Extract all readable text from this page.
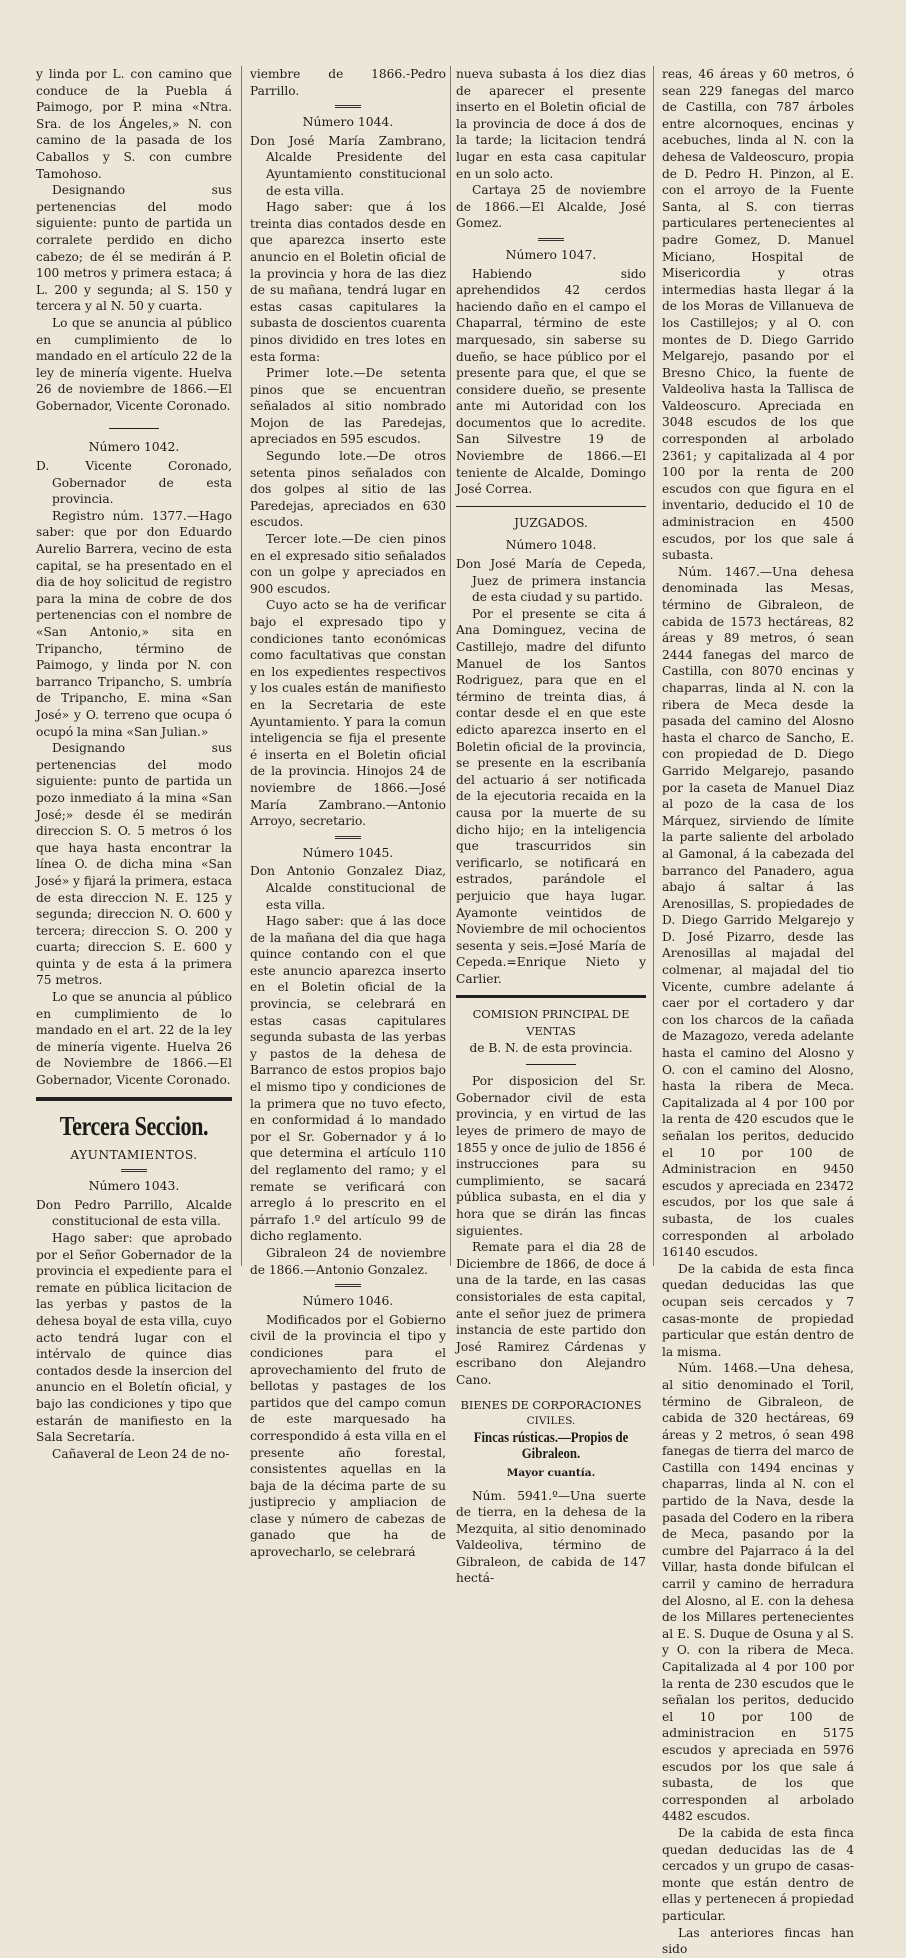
y linda por L. con camino que conduce de la Puebla á Paimogo, por P. mina «Ntra. Sra. de los Ángeles,» N. con camino de la pasada de los Caballos y S. con cumbre Tamohoso.

Designando sus pertenencias del modo siguiente: punto de partida un corralete perdido en dicho cabezo; de él se medirán á P. 100 metros y primera estaca; á L. 200 y segunda; al S. 150 y tercera y al N. 50 y cuarta.

Lo que se anuncia al público en cumplimiento de lo mandado en el artículo 22 de la ley de minería vigente. Huelva 26 de noviembre de 1866.—El Gobernador, Vicente Coronado.

Número 1042.

D. Vicente Coronado, Gobernador de esta provincia.

Registro núm. 1377.—Hago saber: que por don Eduardo Aurelio Barrera, vecino de esta capital, se ha presentado en el dia de hoy solicitud de registro para la mina de cobre de dos pertenencias con el nombre de «San Antonio,» sita en Tripancho, término de Paimogo, y linda por N. con barranco Tripancho, S. umbría de Tripancho, E. mina «San José» y O. terreno que ocupa ó ocupó la mina «San Julian.»

Designando sus pertenencias del modo siguiente: punto de partida un pozo inmediato á la mina «San José;» desde él se medirán direccion S. O. 5 metros ó los que haya hasta encontrar la línea O. de dicha mina «San José» y fijará la primera, estaca de esta direccion N. E. 125 y segunda; direccion N. O. 600 y tercera; direccion S. O. 200 y cuarta; direccion S. E. 600 y quinta y de esta á la primera 75 metros.

Lo que se anuncia al público en cumplimiento de lo mandado en el art. 22 de la ley de minería vigente. Huelva 26 de Noviembre de 1866.—El Gobernador, Vicente Coronado.

Tercera Seccion.

AYUNTAMIENTOS.

Número 1043.

Don Pedro Parrillo, Alcalde constitucional de esta villa.

Hago saber: que aprobado por el Señor Gobernador de la provincia el expediente para el remate en pública licitacion de las yerbas y pastos de la dehesa boyal de esta villa, cuyo acto tendrá lugar con el intérvalo de quince dias contados desde la insercion del anuncio en el Boletín oficial, y bajo las condiciones y tipo que estarán de manifiesto en la Sala Secretaría.

Cañaveral de Leon 24 de no-

viembre de 1866.-Pedro Parrillo.

Número 1044.

Don José María Zambrano, Alcalde Presidente del Ayuntamiento constitucional de esta villa.

Hago saber: que á los treinta dias contados desde en que aparezca inserto este anuncio en el Boletin oficial de la provincia y hora de las diez de su mañana, tendrá lugar en estas casas capitulares la subasta de doscientos cuarenta pinos dividido en tres lotes en esta forma:

Primer lote.—De setenta pinos que se encuentran señalados al sitio nombrado Mojon de las Paredejas, apreciados en 595 escudos.

Segundo lote.—De otros setenta pinos señalados con dos golpes al sitio de las Paredejas, apreciados en 630 escudos.

Tercer lote.—De cien pinos en el expresado sitio señalados con un golpe y apreciados en 900 escudos.

Cuyo acto se ha de verificar bajo el expresado tipo y condiciones tanto económicas como facultativas que constan en los expedientes respectivos y los cuales están de manifiesto en la Secretaria de este Ayuntamiento. Y para la comun inteligencia se fija el presente é inserta en el Boletin oficial de la provincia. Hinojos 24 de noviembre de 1866.—José María Zambrano.—Antonio Arroyo, secretario.

Número 1045.

Don Antonio Gonzalez Diaz, Alcalde constitucional de esta villa.

Hago saber: que á las doce de la mañana del dia que haga quince contando con el que este anuncio aparezca inserto en el Boletin oficial de la provincia, se celebrará en estas casas capitulares segunda subasta de las yerbas y pastos de la dehesa de Barranco de estos propios bajo el mismo tipo y condiciones de la primera que no tuvo efecto, en conformidad á lo mandado por el Sr. Gobernador y á lo que determina el artículo 110 del reglamento del ramo; y el remate se verificará con arreglo á lo prescrito en el párrafo 1.º del artículo 99 de dicho reglamento.

Gibraleon 24 de noviembre de 1866.—Antonio Gonzalez.

Número 1046.

Modificados por el Gobierno civil de la provincia el tipo y condiciones para el aprovechamiento del fruto de bellotas y pastages de los partidos que del campo comun de este marquesado ha correspondido á esta villa en el presente año forestal, consistentes aquellas en la baja de la décima parte de su justiprecio y ampliacion de clase y número de cabezas de ganado que ha de aprovecharlo, se celebrará

nueva subasta á los diez dias de aparecer el presente inserto en el Boletin oficial de la provincia de doce á dos de la tarde; la licitacion tendrá lugar en esta casa capitular en un solo acto.

Cartaya 25 de noviembre de 1866.—El Alcalde, José Gomez.

Número 1047.

Habiendo sido aprehendidos 42 cerdos haciendo daño en el campo el Chaparral, término de este marquesado, sin saberse su dueño, se hace público por el presente para que, el que se considere dueño, se presente ante mi Autoridad con los documentos que lo acredite. San Silvestre 19 de Noviembre de 1866.—El teniente de Alcalde, Domingo José Correa.

JUZGADOS.

Número 1048.

Don José María de Cepeda, Juez de primera instancia de esta ciudad y su partido.

Por el presente se cita á Ana Dominguez, vecina de Castillejo, madre del difunto Manuel de los Santos Rodriguez, para que en el término de treinta dias, á contar desde el en que este edicto aparezca inserto en el Boletin oficial de la provincia, se presente en la escribanía del actuario á ser notificada de la ejecutoria recaida en la causa por la muerte de su dicho hijo; en la inteligencia que trascurridos sin verificarlo, se notificará en estrados, parándole el perjuicio que haya lugar. Ayamonte veintidos de Noviembre de mil ochocientos sesenta y seis.=José María de Cepeda.=Enrique Nieto y Carlier.

COMISION PRINCIPAL DE VENTAS

de B. N. de esta provincia.

Por disposicion del Sr. Gobernador civil de esta provincia, y en virtud de las leyes de primero de mayo de 1855 y once de julio de 1856 é instrucciones para su cumplimiento, se sacará pública subasta, en el dia y hora que se dirán las fincas siguientes.

Remate para el dia 28 de Diciembre de 1866, de doce á una de la tarde, en las casas consistoriales de esta capital, ante el señor juez de primera instancia de este partido don José Ramirez Cárdenas y escribano don Alejandro Cano.

BIENES DE CORPORACIONES

CIVILES.

Fincas rústicas.—Propios de Gibraleon.

Mayor cuantía.

Núm. 5941.º—Una suerte de tierra, en la dehesa de la Mezquita, al sitio denominado Valdeoliva, término de Gibraleon, de cabida de 147 hectá-

reas, 46 áreas y 60 metros, ó sean 229 fanegas del marco de Castilla, con 787 árboles entre alcornoques, encinas y acebuches, linda al N. con la dehesa de Valdeoscuro, propia de D. Pedro H. Pinzon, al E. con el arroyo de la Fuente Santa, al S. con tierras particulares pertenecientes al padre Gomez, D. Manuel Miciano, Hospital de Misericordia y otras intermedias hasta llegar á la de los Moras de Villanueva de los Castillejos; y al O. con montes de D. Diego Garrido Melgarejo, pasando por el Bresno Chico, la fuente de Valdeoliva hasta la Tallisca de Valdeoscuro. Apreciada en 3048 escudos de los que corresponden al arbolado 2361; y capitalizada al 4 por 100 por la renta de 200 escudos con que figura en el inventario, deducido el 10 de administracion en 4500 escudos, por los que sale á subasta.

Núm. 1467.—Una dehesa denominada las Mesas, término de Gibraleon, de cabida de 1573 hectáreas, 82 áreas y 89 metros, ó sean 2444 fanegas del marco de Castilla, con 8070 encinas y chaparras, linda al N. con la ribera de Meca desde la pasada del camino del Alosno hasta el charco de Sancho, E. con propiedad de D. Diego Garrido Melgarejo, pasando por la caseta de Manuel Diaz al pozo de la casa de los Márquez, sirviendo de límite la parte saliente del arbolado al Gamonal, á la cabezada del barranco del Panadero, agua abajo á saltar á las Arenosillas, S. propiedades de D. Diego Garrido Melgarejo y D. José Pizarro, desde las Arenosillas al majadal del colmenar, al majadal del tio Vicente, cumbre adelante á caer por el cortadero y dar con los charcos de la cañada de Mazagozo, vereda adelante hasta el camino del Alosno y O. con el camino del Alosno, hasta la ribera de Meca. Capitalizada al 4 por 100 por la renta de 420 escudos que le señalan los peritos, deducido el 10 por 100 de Administracion en 9450 escudos y apreciada en 23472 escudos, por los que sale á subasta, de los cuales corresponden al arbolado 16140 escudos.

De la cabida de esta finca quedan deducidas las que ocupan seis cercados y 7 casas-monte de propiedad particular que están dentro de la misma.

Núm. 1468.—Una dehesa, al sitio denominado el Toril, término de Gibraleon, de cabida de 320 hectáreas, 69 áreas y 2 metros, ó sean 498 fanegas de tierra del marco de Castilla con 1494 encinas y chaparras, linda al N. con el partido de la Nava, desde la pasada del Codero en la ribera de Meca, pasando por la cumbre del Pajarraco á la del Villar, hasta donde bifulcan el carril y camino de herradura del Alosno, al E. con la dehesa de los Millares pertenecientes al E. S. Duque de Osuna y al S. y O. con la ribera de Meca. Capitalizada al 4 por 100 por la renta de 230 escudos que le señalan los peritos, deducido el 10 por 100 de administracion en 5175 escudos y apreciada en 5976 escudos por los que sale á subasta, de los que corresponden al arbolado 4482 escudos.

De la cabida de esta finca quedan deducidas las de 4 cercados y un grupo de casas-monte que están dentro de ellas y pertenecen á propiedad particular.

Las anteriores fincas han sido
